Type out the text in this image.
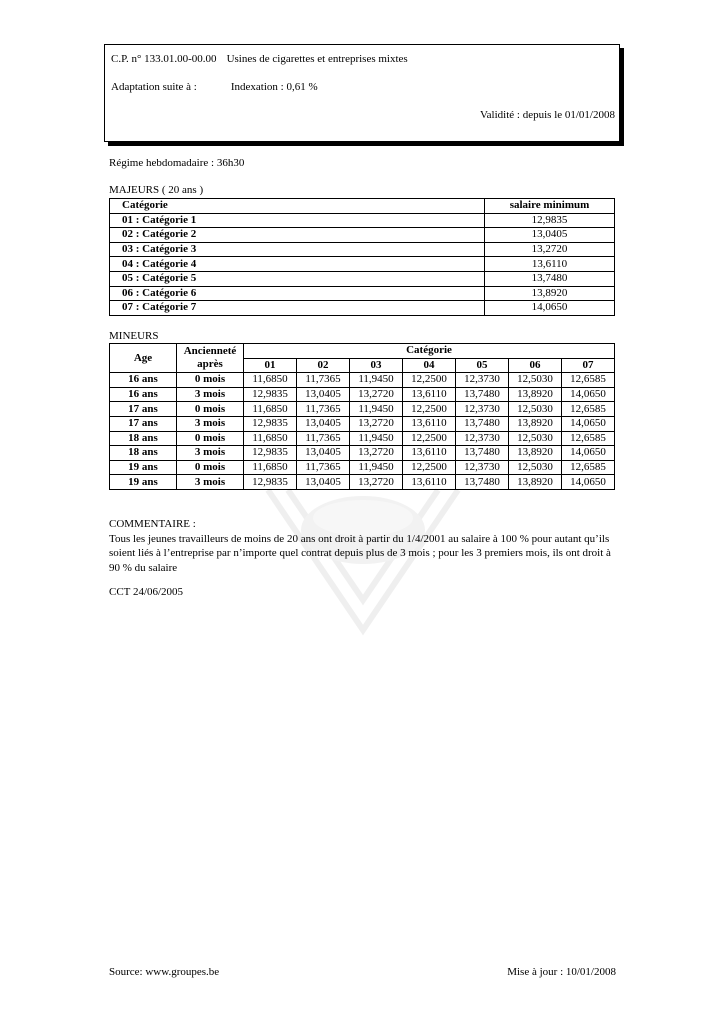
C.P. n° 133.01.00-00.00 Usines de cigarettes et entreprises mixtes
Adaptation suite à :	Indexation : 0,61 %
Validité : depuis le 01/01/2008
Régime hebdomadaire : 36h30
MAJEURS ( 20 ans )
Catégorie	salaire minimum
01 : Catégorie 1	12,9835
02 : Catégorie 2	13,0405
03 : Catégorie 3	13,2720
04 : Catégorie 4	13,6110
05 : Catégorie 5	13,7480
06 : Catégorie 6	13,8920
07 : Catégorie 7	14,0650
MINEURS
Age	Ancienneté après	Catégorie						
		01	02	03	04	05	06	07
16 ans	0 mois	11,6850	11,7365	11,9450	12,2500	12,3730	12,5030	12,6585
16 ans	3 mois	12,9835	13,0405	13,2720	13,6110	13,7480	13,8920	14,0650
17 ans	0 mois	11,6850	11,7365	11,9450	12,2500	12,3730	12,5030	12,6585
17 ans	3 mois	12,9835	13,0405	13,2720	13,6110	13,7480	13,8920	14,0650
18 ans	0 mois	11,6850	11,7365	11,9450	12,2500	12,3730	12,5030	12,6585
18 ans	3 mois	12,9835	13,0405	13,2720	13,6110	13,7480	13,8920	14,0650
19 ans	0 mois	11,6850	11,7365	11,9450	12,2500	12,3730	12,5030	12,6585
19 ans	3 mois	12,9835	13,0405	13,2720	13,6110	13,7480	13,8920	14,0650
COMMENTAIRE :
Tous les jeunes travailleurs de moins de 20 ans ont droit à partir du 1/4/2001 au salaire à 100 % pour autant qu’ils soient liés à l’entreprise par n’importe quel contrat depuis plus de 3 mois ; pour les 3 premiers mois, ils ont droit à 90 % du salaire
CCT 24/06/2005
Source: www.groupes.be	Mise à jour : 10/01/2008
